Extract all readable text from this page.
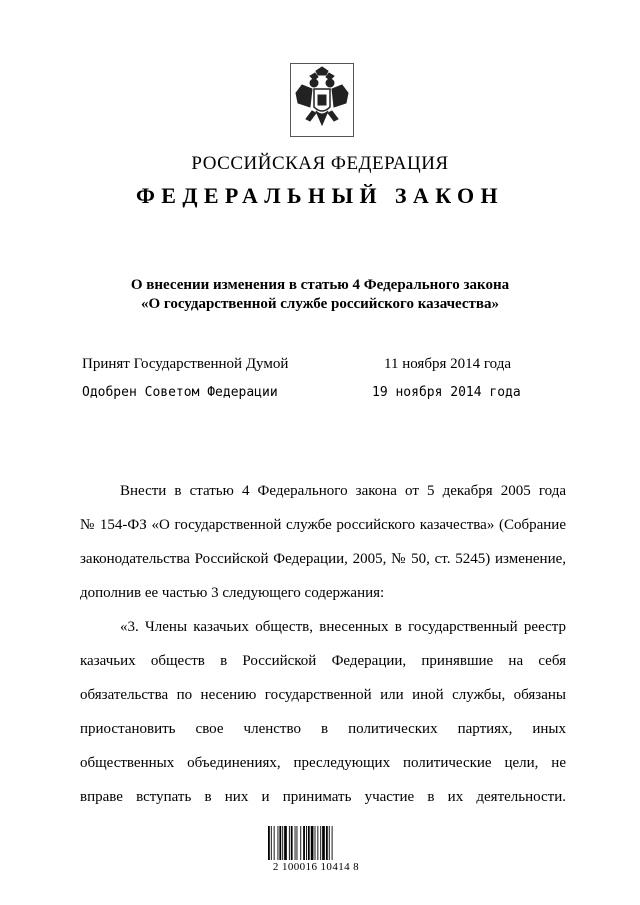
РОССИЙСКАЯ ФЕДЕРАЦИЯ
ФЕДЕРАЛЬНЫЙ ЗАКОН
О внесении изменения в статью 4 Федерального закона
«О государственной службе российского казачества»
Принят Государственной Думой	11 ноября 2014 года
Одобрен Советом Федерации	19 ноября 2014 года

Внести в статью 4 Федерального закона от 5 декабря 2005 года

№ 154-ФЗ «О государственной службе российского казачества» (Собрание

законодательства Российской Федерации, 2005, № 50, ст. 5245) изменение,

дополнив ее частью 3 следующего содержания:

«3. Члены казачьих обществ, внесенных в государственный реестр

казачьих обществ в Российской Федерации, принявшие на себя

обязательства по несению государственной или иной службы, обязаны

приостановить свое членство в политических партиях, иных

общественных объединениях, преследующих политические цели, не

вправе вступать в них и принимать участие в их деятельности.

2 100016 10414 8
